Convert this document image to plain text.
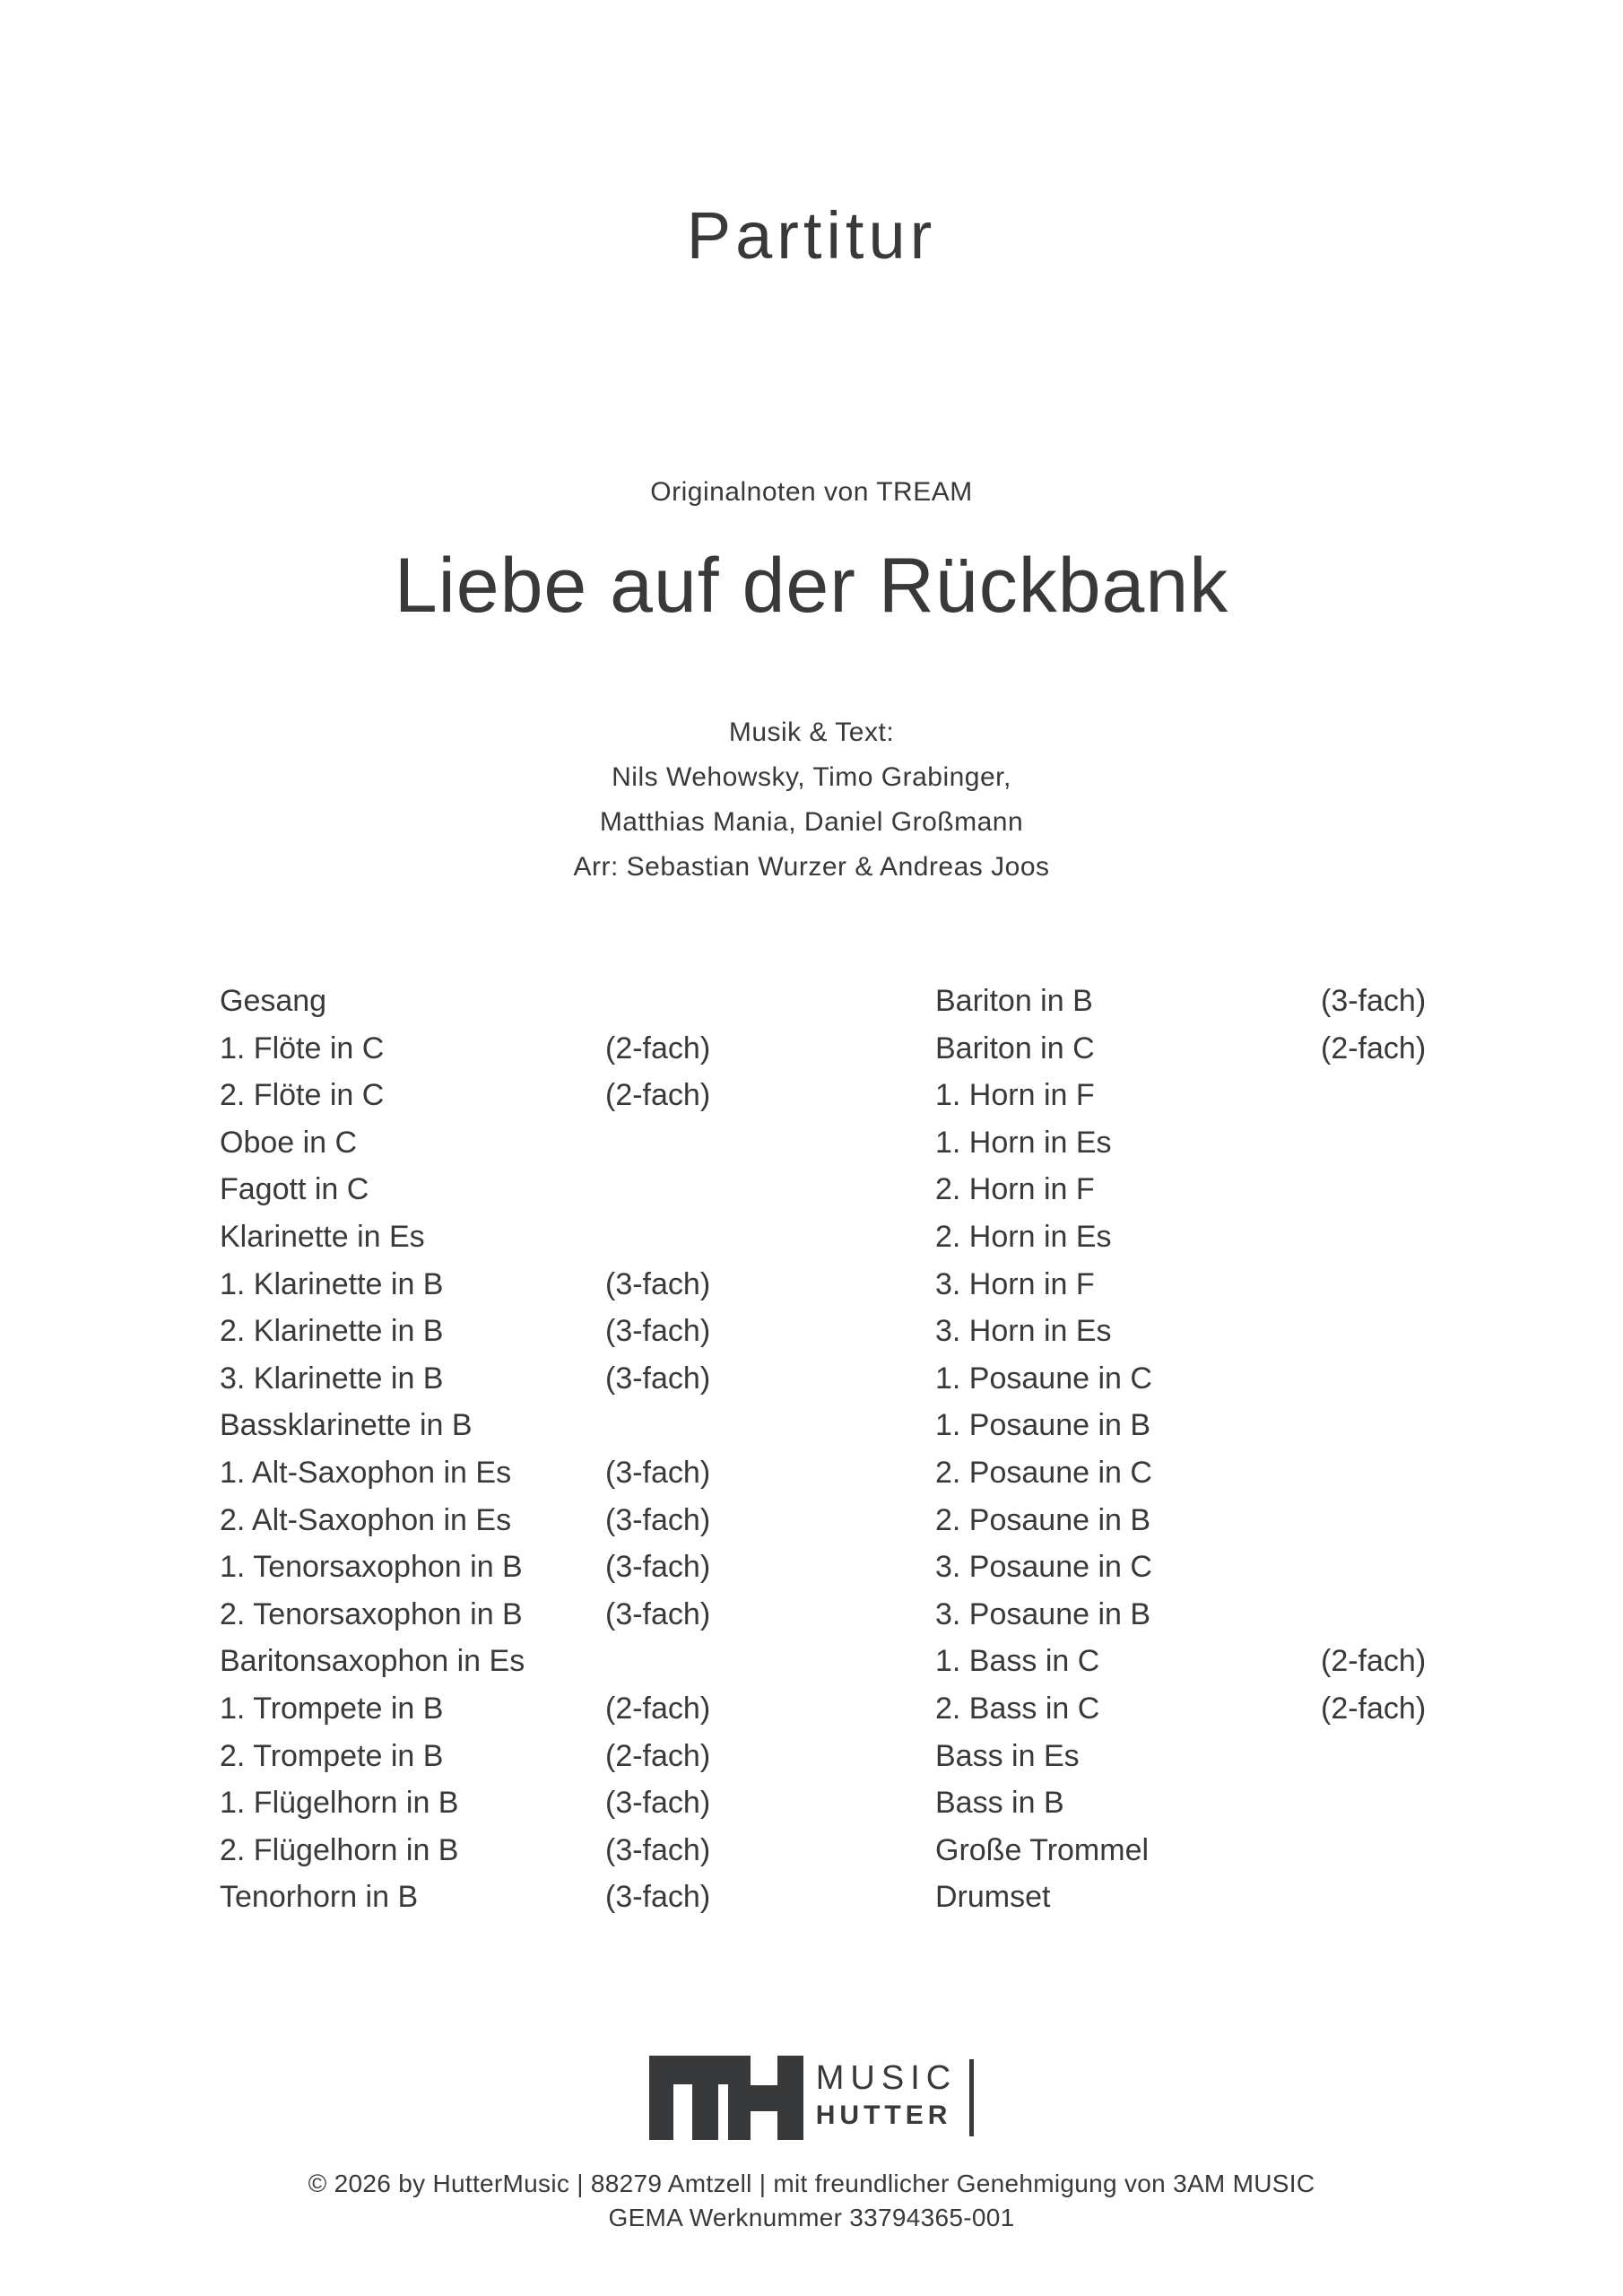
Partitur
Originalnoten von TREAM
Liebe auf der Rückbank
Musik & Text:
Nils Wehowsky, Timo Grabinger,
Matthias Mania, Daniel Großmann
Arr: Sebastian Wurzer & Andreas Joos
Gesang
1. Flöte in C	(2-fach)
2. Flöte in C	(2-fach)
Oboe in C
Fagott in C
Klarinette in Es
1. Klarinette in B	(3-fach)
2. Klarinette in B	(3-fach)
3. Klarinette in B	(3-fach)
Bassklarinette in B
1. Alt-Saxophon in Es	(3-fach)
2. Alt-Saxophon in Es	(3-fach)
1. Tenorsaxophon in B	(3-fach)
2. Tenorsaxophon in B	(3-fach)
Baritonsaxophon in Es
1. Trompete in B	(2-fach)
2. Trompete in B	(2-fach)
1. Flügelhorn in B	(3-fach)
2. Flügelhorn in B	(3-fach)
Tenorhorn in B	(3-fach)
Bariton in B	(3-fach)
Bariton in C	(2-fach)
1. Horn in F
1. Horn in Es
2. Horn in F
2. Horn in Es
3. Horn in F
3. Horn in Es
1. Posaune in C
1. Posaune in B
2. Posaune in C
2. Posaune in B
3. Posaune in C
3. Posaune in B
1. Bass in C	(2-fach)
2. Bass in C	(2-fach)
Bass in Es
Bass in B
Große Trommel
Drumset
MUSIC
HUTTER
© 2026 by HutterMusic | 88279 Amtzell | mit freundlicher Genehmigung von 3AM MUSIC
GEMA Werknummer 33794365-001
